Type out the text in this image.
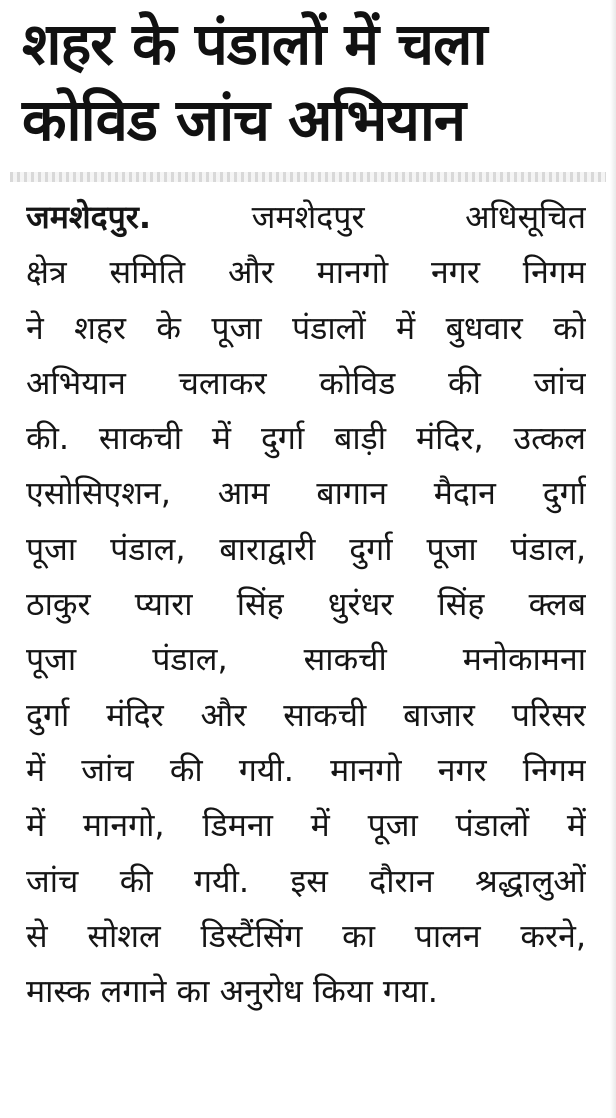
शहर के पंडालों में चला
कोविड जांच अभियान
जमशेदपुर.	जमशेदपुर अधिसूचित
क्षेत्र समिति और मानगो नगर निगम
ने शहर के पूजा पंडालों में बुधवार को
अभियान चलाकर कोविड की जांच
की. साकची में दुर्गा बाड़ी मंदिर, उत्कल
एसोसिएशन, आम बागान मैदान दुर्गा
पूजा पंडाल, बाराद्वारी दुर्गा पूजा पंडाल,
ठाकुर प्यारा सिंह धुरंधर सिंह क्लब
पूजा पंडाल, साकची मनोकामना
दुर्गा मंदिर और साकची बाजार परिसर
में जांच की गयी. मानगो नगर निगम
में मानगो, डिमना में पूजा पंडालों में
जांच की गयी. इस दौरान श्रद्धालुओं
से सोशल डिस्टैंसिंग का पालन करने,
मास्क लगाने का अनुरोध किया गया.
